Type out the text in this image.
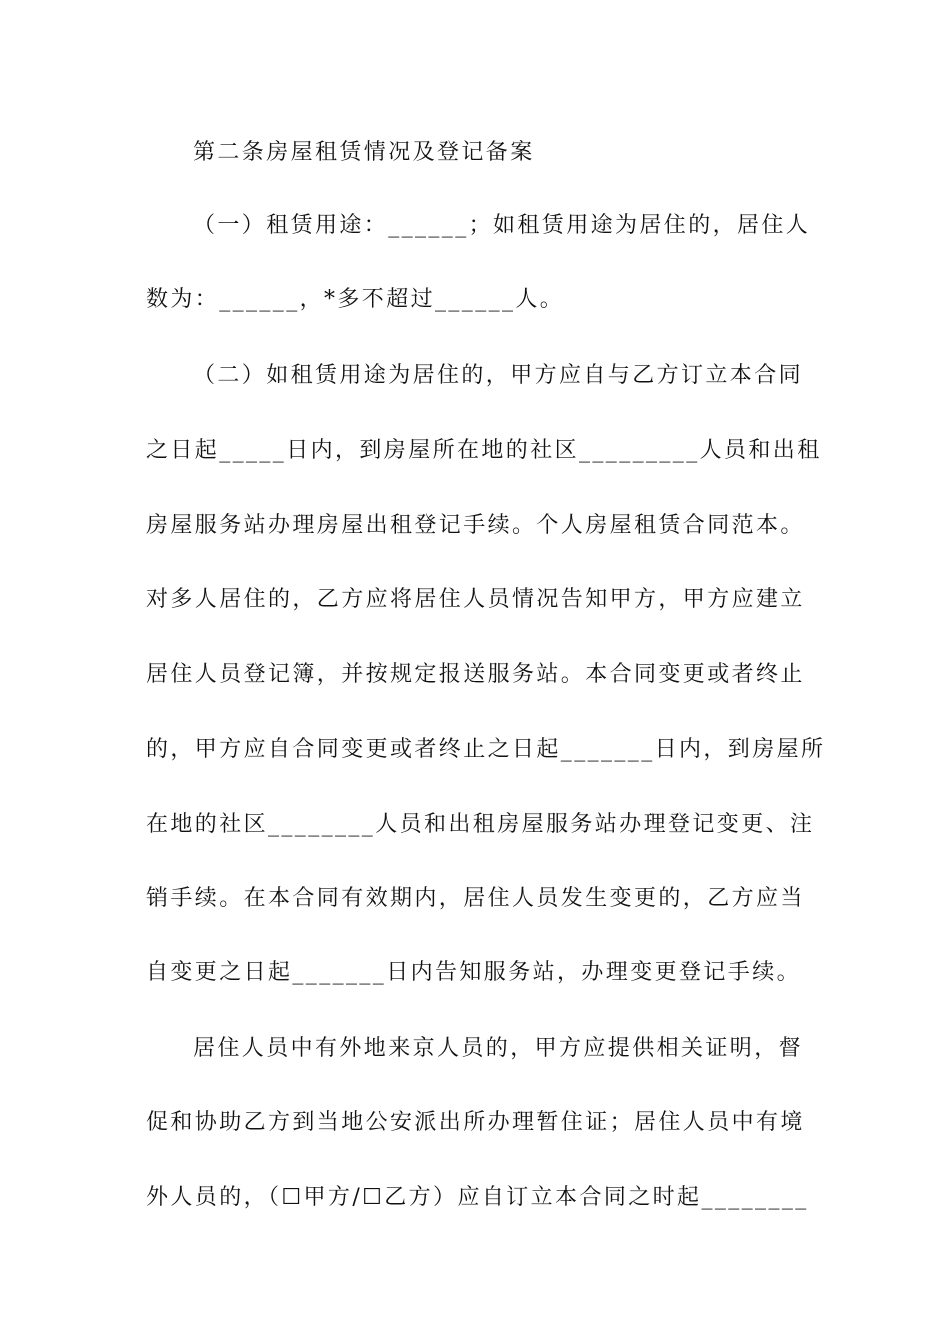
第二条房屋租赁情况及登记备案
（一）租赁用途：______；如租赁用途为居住的，居住人
数为：______，*多不超过______人。
（二）如租赁用途为居住的，甲方应自与乙方订立本合同
之日起_____日内，到房屋所在地的社区_________人员和出租
房屋服务站办理房屋出租登记手续。个人房屋租赁合同范本。
对多人居住的，乙方应将居住人员情况告知甲方，甲方应建立
居住人员登记簿，并按规定报送服务站。本合同变更或者终止
的，甲方应自合同变更或者终止之日起_______日内，到房屋所
在地的社区________人员和出租房屋服务站办理登记变更、注
销手续。在本合同有效期内，居住人员发生变更的，乙方应当
自变更之日起_______日内告知服务站，办理变更登记手续。
居住人员中有外地来京人员的，甲方应提供相关证明，督
促和协助乙方到当地公安派出所办理暂住证；居住人员中有境
外人员的，（☐甲方/☐乙方）应自订立本合同之时起________
